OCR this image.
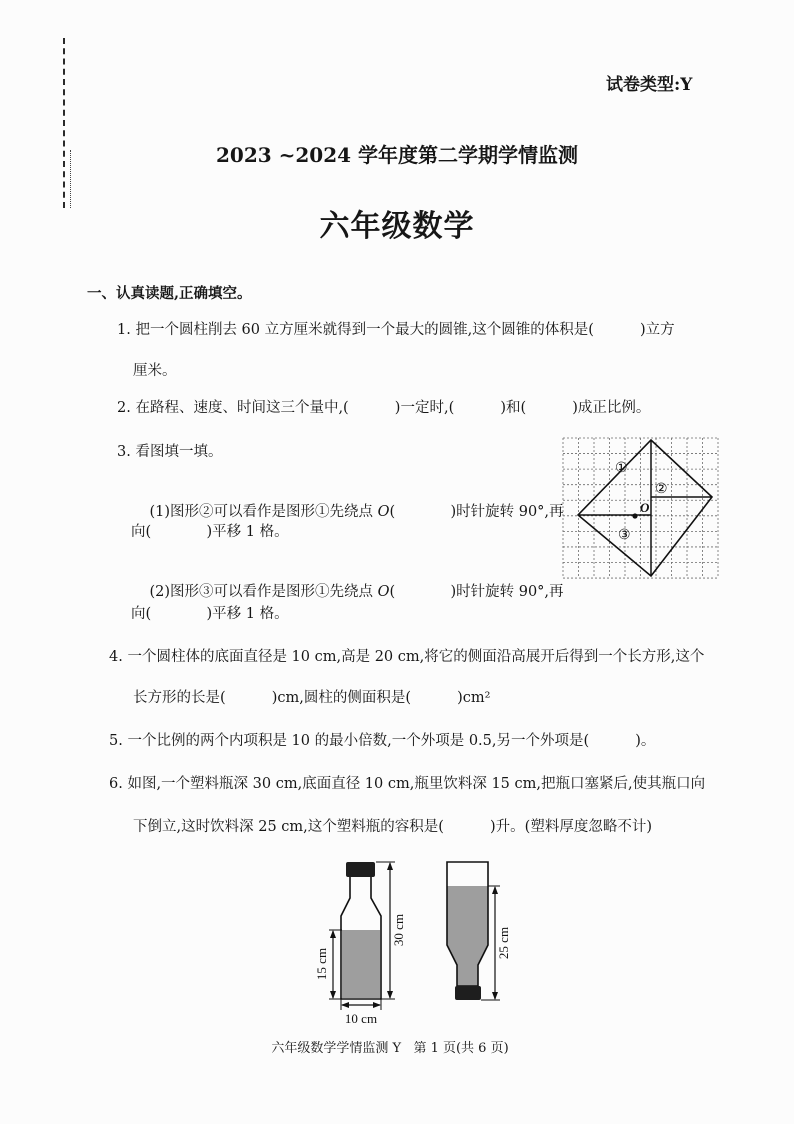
试卷类型:Y
2023 ~2024 学年度第二学期学情监测
六年级数学
一、认真读题,正确填空。
1. 把一个圆柱削去 60 立方厘米就得到一个最大的圆锥,这个圆锥的体积是(          )立方
厘米。
2. 在路程、速度、时间这三个量中,(          )一定时,(          )和(          )成正比例。
3. 看图填一填。

(1)图形②可以看作是图形①先绕点 O(            )时针旋转 90°,再

向(            )平移 1 格。

(2)图形③可以看作是图形①先绕点 O(            )时针旋转 90°,再

向(            )平移 1 格。
O
①
②
③
4. 一个圆柱体的底面直径是 10 cm,高是 20 cm,将它的侧面沿高展开后得到一个长方形,这个
长方形的长是(          )cm,圆柱的侧面积是(          )cm²
5. 一个比例的两个内项积是 10 的最小倍数,一个外项是 0.5,另一个外项是(          )。
6. 如图,一个塑料瓶深 30 cm,底面直径 10 cm,瓶里饮料深 15 cm,把瓶口塞紧后,使其瓶口向
下倒立,这时饮料深 25 cm,这个塑料瓶的容积是(          )升。(塑料厚度忽略不计)
30 cm
15 cm
10 cm
25 cm
六年级数学学情监测 Y   第 1 页(共 6 页)
